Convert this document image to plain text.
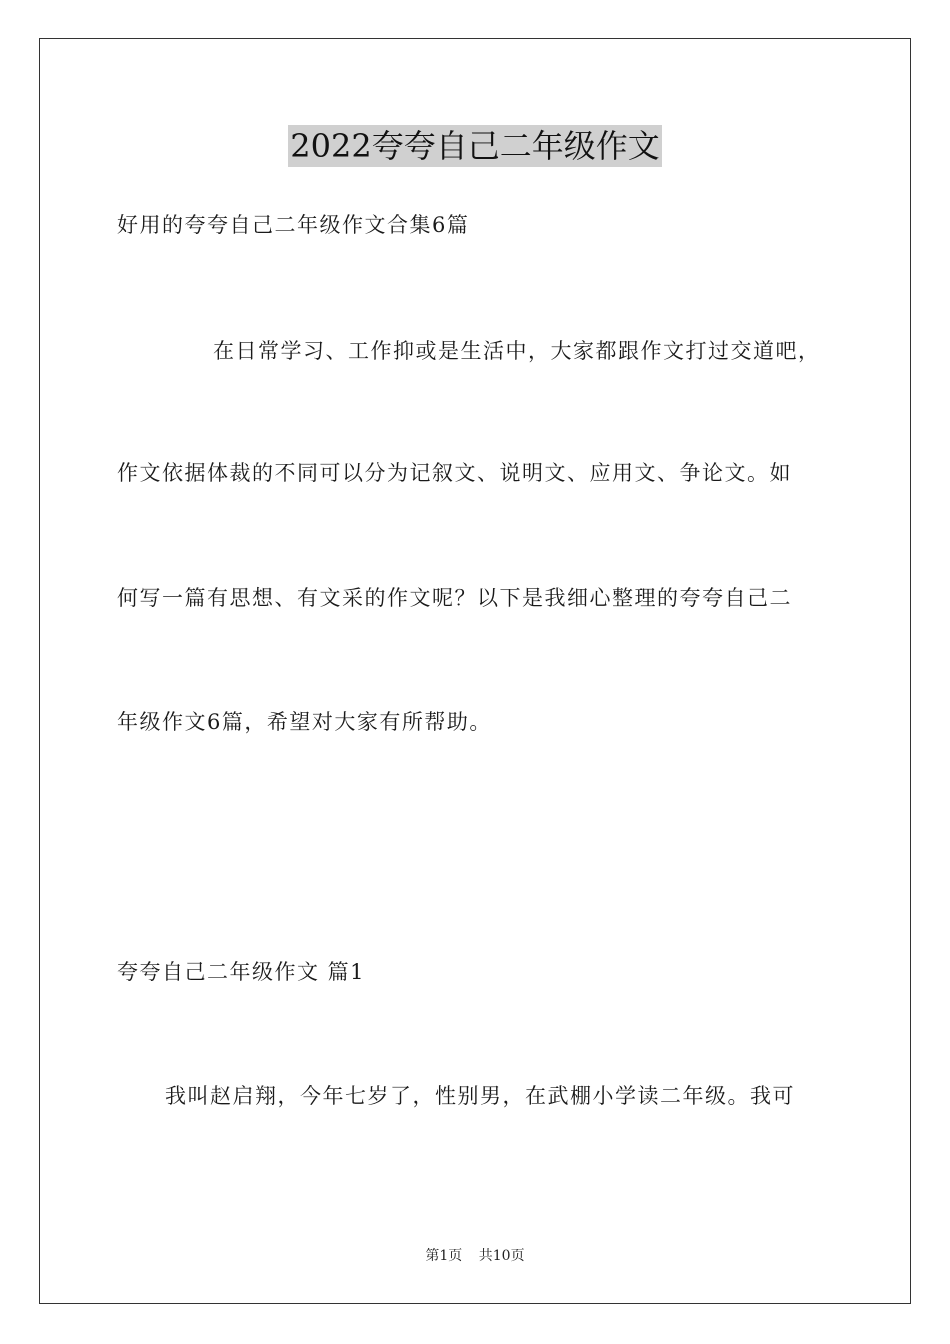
2022夸夸自己二年级作文
好用的夸夸自己二年级作文合集6篇
在日常学习、工作抑或是生活中，大家都跟作文打过交道吧，
作文依据体裁的不同可以分为记叙文、说明文、应用文、争论文。如
何写一篇有思想、有文采的作文呢？以下是我细心整理的夸夸自己二
年级作文6篇，希望对大家有所帮助。
夸夸自己二年级作文 篇1
我叫赵启翔，今年七岁了，性别男，在武棚小学读二年级。我可
第1页 共10页
